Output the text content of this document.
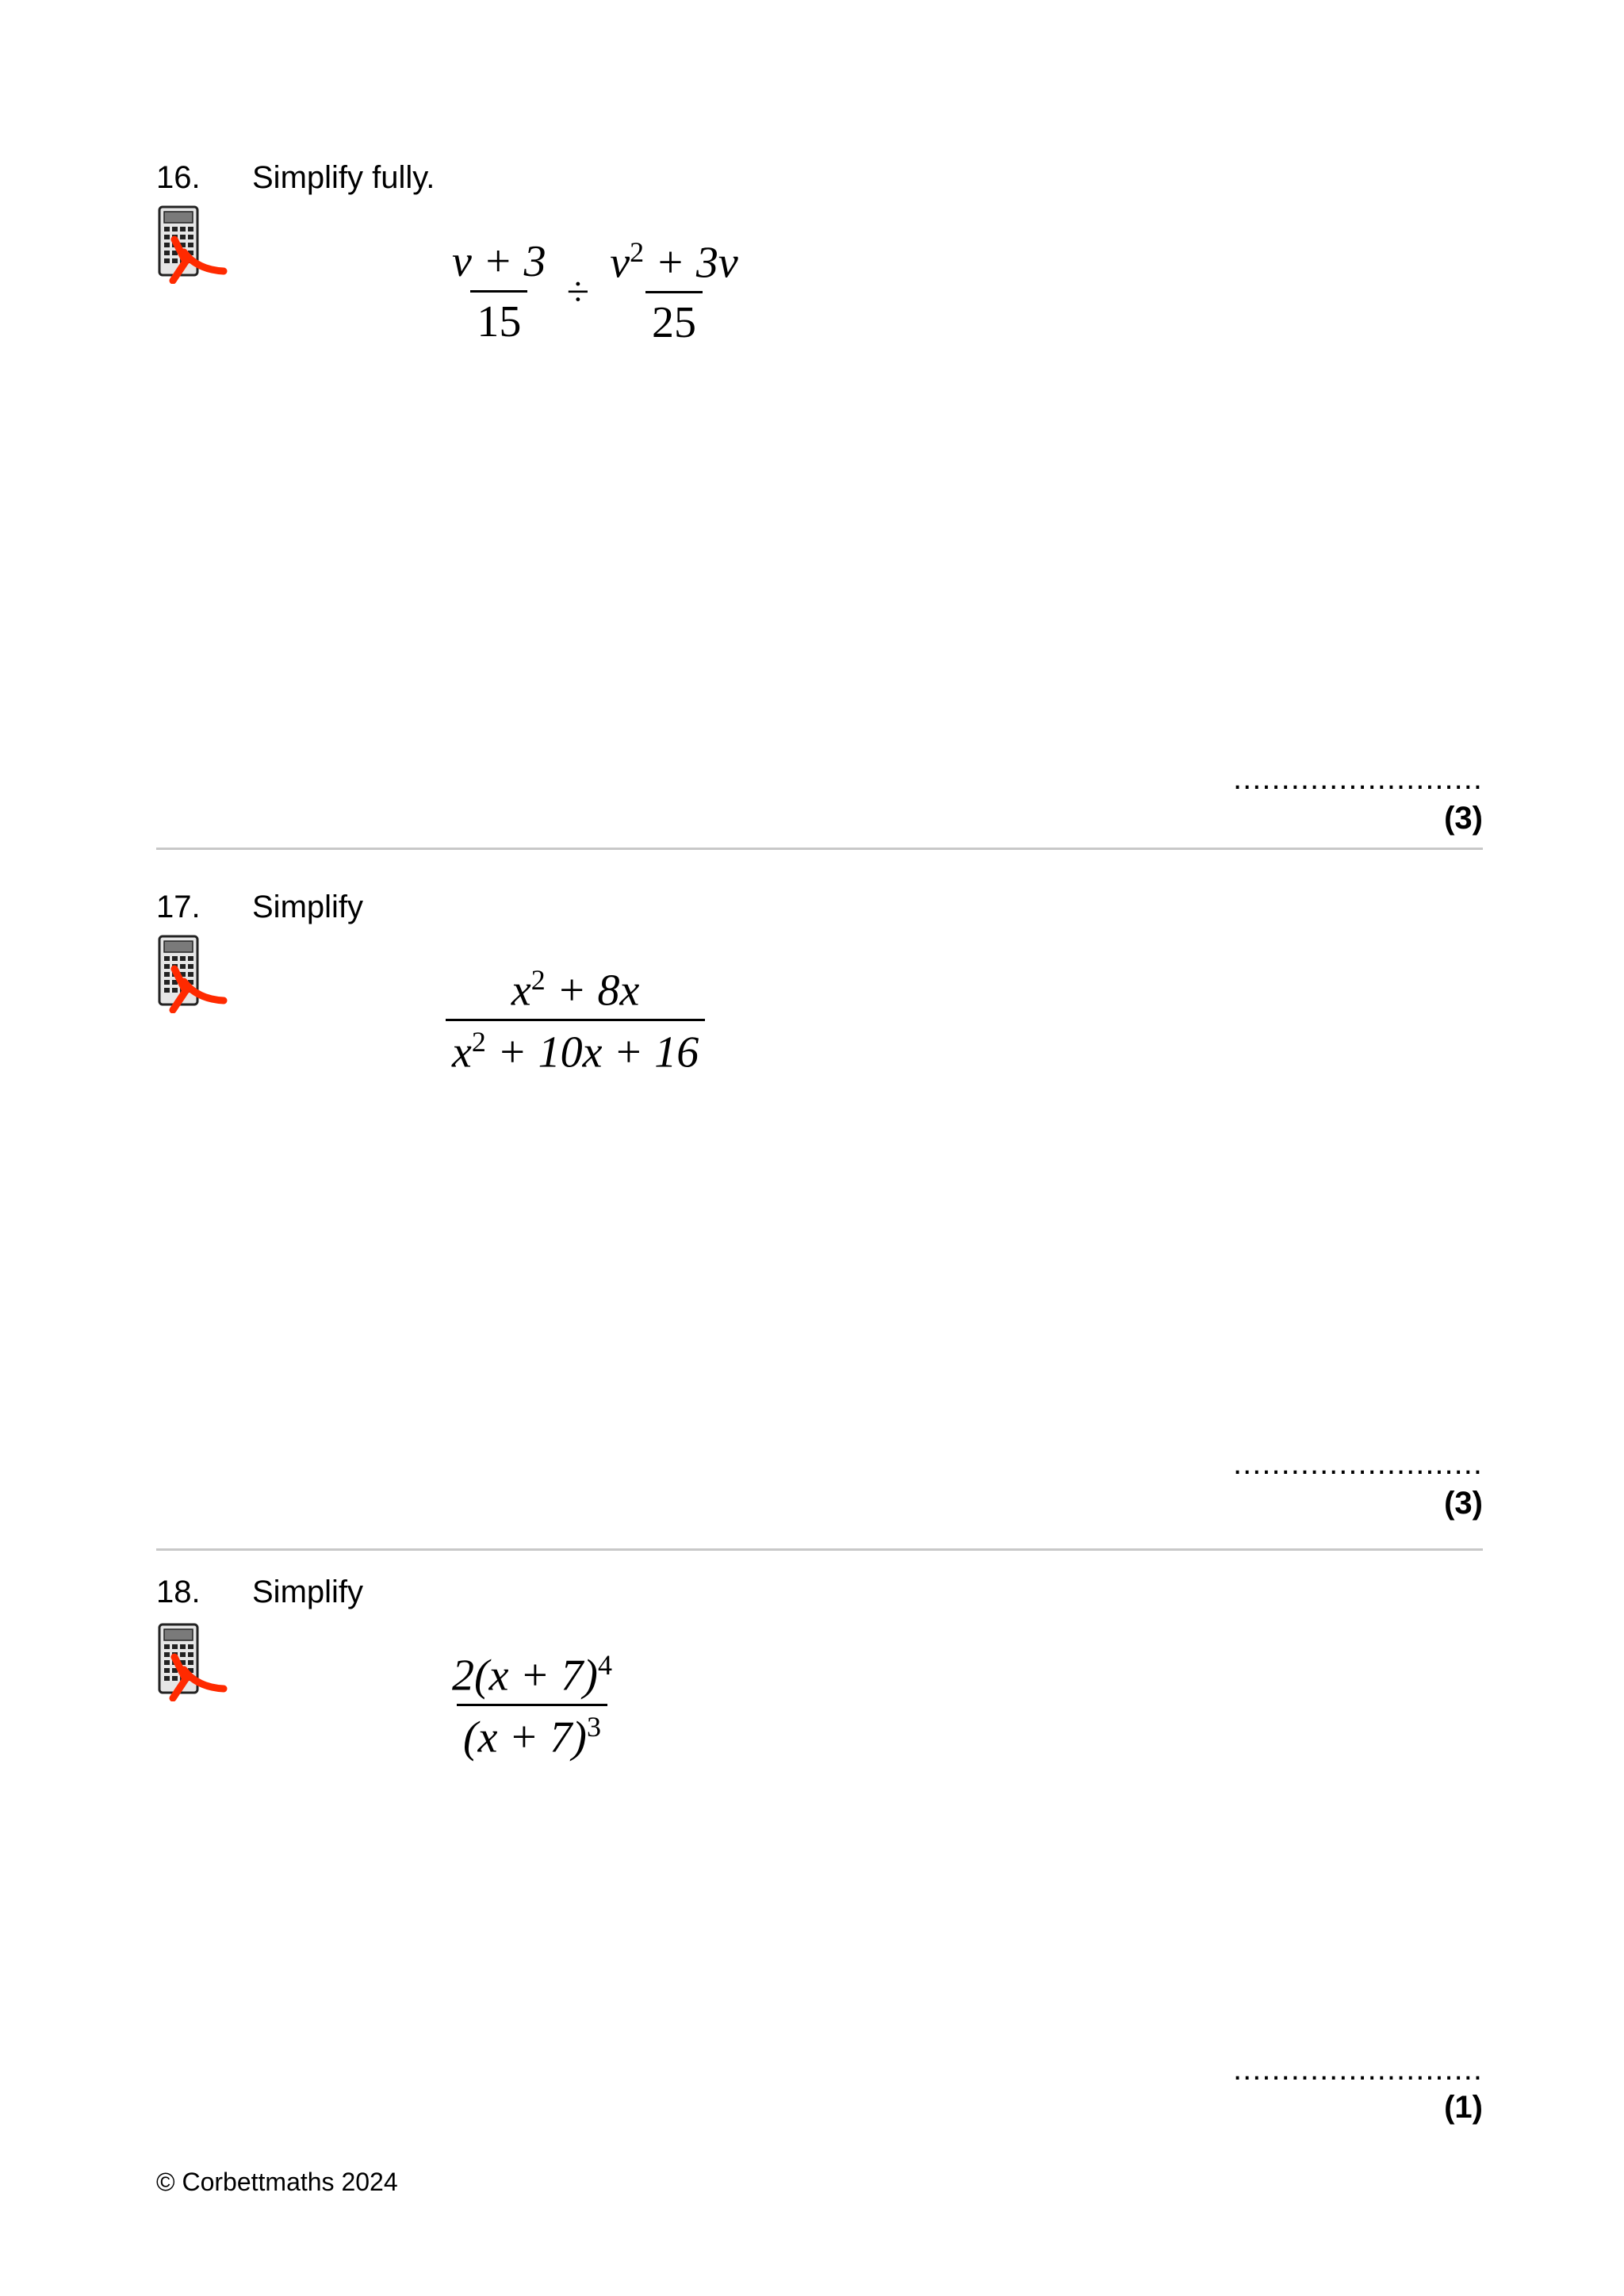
16. Simplify fully.
$\frac{v + 3}{15} \div \frac{v^2 + 3v}{25}$
..........................
(3)
17. Simplify
$\frac{x^2 + 8x}{x^2 + 10x + 16}$
..........................
(3)
18. Simplify
$\frac{2(x + 7)^4}{(x + 7)^3}$
..........................
(1)
© Corbettmaths 2024
